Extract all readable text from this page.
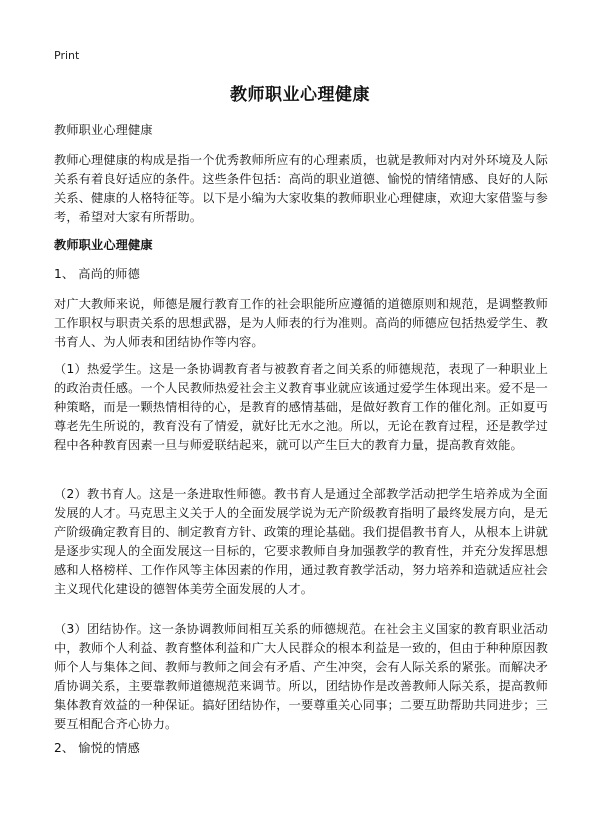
Print
教师职业心理健康
教师职业心理健康
教师心理健康的构成是指一个优秀教师所应有的心理素质，也就是教师对内对外环境及人际关系有着良好适应的条件。这些条件包括：高尚的职业道德、愉悦的情绪情感、良好的人际关系、健康的人格特征等。以下是小编为大家收集的教师职业心理健康，欢迎大家借鉴与参考，希望对大家有所帮助。
教师职业心理健康
1、 高尚的师德
对广大教师来说，师德是履行教育工作的社会职能所应遵循的道德原则和规范，是调整教师工作职权与职责关系的思想武器，是为人师表的行为准则。高尚的师德应包括热爱学生、教书育人、为人师表和团结协作等内容。
（1）热爱学生。这是一条协调教育者与被教育者之间关系的师德规范，表现了一种职业上的政治责任感。一个人民教师热爱社会主义教育事业就应该通过爱学生体现出来。爱不是一种策略，而是一颗热情相待的心，是教育的感情基础，是做好教育工作的催化剂。正如夏丏尊老先生所说的，教育没有了情爱，就好比无水之池。所以，无论在教育过程，还是教学过程中各种教育因素一旦与师爱联结起来，就可以产生巨大的教育力量，提高教育效能。
（2）教书育人。这是一条进取性师德。教书育人是通过全部教学活动把学生培养成为全面发展的人才。马克思主义关于人的全面发展学说为无产阶级教育指明了最终发展方向，是无产阶级确定教育目的、制定教育方针、政策的理论基础。我们提倡教书育人，从根本上讲就是逐步实现人的全面发展这一目标的，它要求教师自身加强教学的教育性，并充分发挥思想感和人格榜样、工作作风等主体因素的作用，通过教育教学活动，努力培养和造就适应社会主义现代化建设的德智体美劳全面发展的人才。
（3）团结协作。这一条协调教师间相互关系的师德规范。在社会主义国家的教育职业活动中，教师个人利益、教育整体利益和广大人民群众的根本利益是一致的，但由于种种原因教师个人与集体之间、教师与教师之间会有矛盾、产生冲突，会有人际关系的紧张。而解决矛盾协调关系，主要靠教师道德规范来调节。所以，团结协作是改善教师人际关系，提高教师集体教育效益的一种保证。搞好团结协作，一要尊重关心同事；二要互助帮助共同进步；三要互相配合齐心协力。
2、 愉悦的情感
